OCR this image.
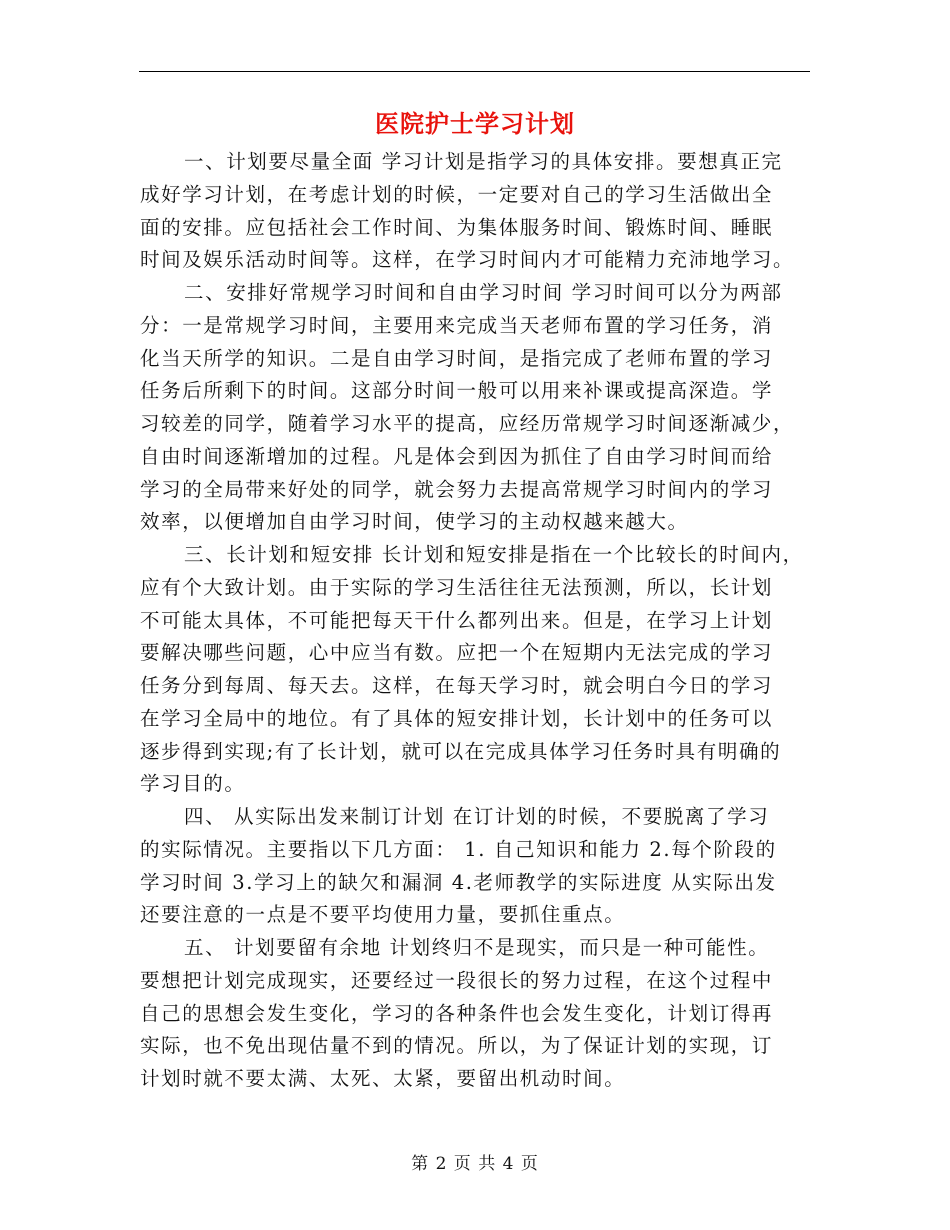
医院护士学习计划
一、计划要尽量全面 学习计划是指学习的具体安排。要想真正完
成好学习计划，在考虑计划的时候，一定要对自己的学习生活做出全
面的安排。应包括社会工作时间、为集体服务时间、锻炼时间、睡眠
时间及娱乐活动时间等。这样，在学习时间内才可能精力充沛地学习。
二、安排好常规学习时间和自由学习时间 学习时间可以分为两部
分：一是常规学习时间，主要用来完成当天老师布置的学习任务，消
化当天所学的知识。二是自由学习时间，是指完成了老师布置的学习
任务后所剩下的时间。这部分时间一般可以用来补课或提高深造。学
习较差的同学，随着学习水平的提高，应经历常规学习时间逐渐减少，
自由时间逐渐增加的过程。凡是体会到因为抓住了自由学习时间而给
学习的全局带来好处的同学，就会努力去提高常规学习时间内的学习
效率，以便增加自由学习时间，使学习的主动权越来越大。
三、长计划和短安排 长计划和短安排是指在一个比较长的时间内，
应有个大致计划。由于实际的学习生活往往无法预测，所以，长计划
不可能太具体，不可能把每天干什么都列出来。但是，在学习上计划
要解决哪些问题，心中应当有数。应把一个在短期内无法完成的学习
任务分到每周、每天去。这样，在每天学习时，就会明白今日的学习
在学习全局中的地位。有了具体的短安排计划，长计划中的任务可以
逐步得到实现;有了长计划，就可以在完成具体学习任务时具有明确的
学习目的。
四、 从实际出发来制订计划 在订计划的时候，不要脱离了学习
的实际情况。主要指以下几方面： 1. 自己知识和能力 2.每个阶段的
学习时间 3.学习上的缺欠和漏洞 4.老师教学的实际进度 从实际出发
还要注意的一点是不要平均使用力量，要抓住重点。
五、 计划要留有余地 计划终归不是现实，而只是一种可能性。
要想把计划完成现实，还要经过一段很长的努力过程，在这个过程中
自己的思想会发生变化，学习的各种条件也会发生变化，计划订得再
实际，也不免出现估量不到的情况。所以，为了保证计划的实现，订
计划时就不要太满、太死、太紧，要留出机动时间。
第 2 页 共 4 页
